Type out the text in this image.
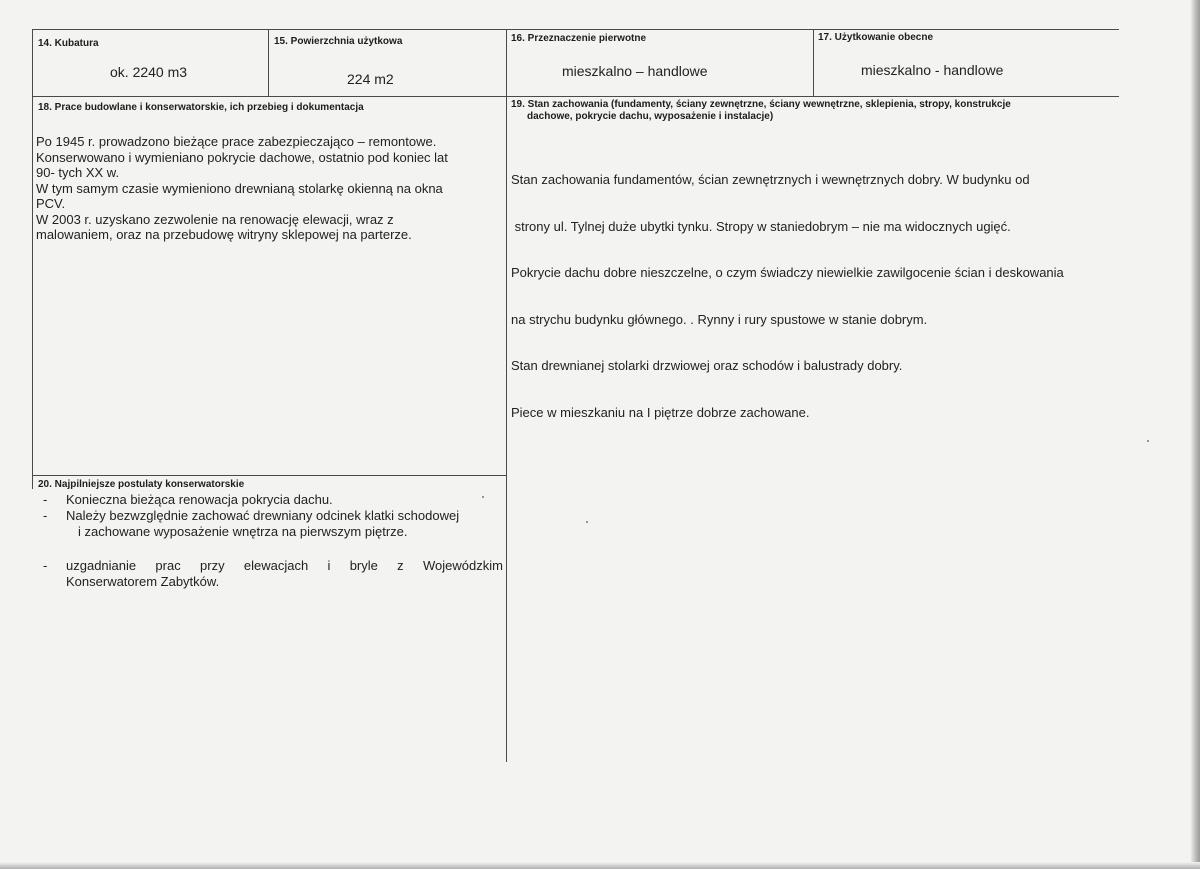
14. Kubatura
ok. 2240 m3
15. Powierzchnia użytkowa
224 m2
16. Przeznaczenie pierwotne
mieszkalno – handlowe
17. Użytkowanie obecne
mieszkalno - handlowe
18. Prace budowlane i konserwatorskie, ich przebieg i dokumentacja
Po 1945 r. prowadzono bieżące prace zabezpieczająco – remontowe.
Konserwowano i wymieniano pokrycie dachowe, ostatnio pod koniec lat
90- tych XX w.
W tym samym czasie wymieniono drewnianą stolarkę okienną na okna
PCV.
W 2003 r. uzyskano zezwolenie na renowację elewacji, wraz z
malowaniem, oraz na przebudowę witryny sklepowej na parterze.
19. Stan zachowania (fundamenty, ściany zewnętrzne, ściany wewnętrzne, sklepienia, stropy, konstrukcje
dachowe, pokrycie dachu, wyposażenie i instalacje)

Stan zachowania fundamentów, ścian zewnętrznych i wewnętrznych dobry. W budynku od

strony ul. Tylnej duże ubytki tynku. Stropy w staniedobrym – nie ma widocznych ugięć.

Pokrycie dachu dobre nieszczelne, o czym świadczy niewielkie zawilgocenie ścian i deskowania

na strychu budynku głównego. . Rynny i rury spustowe w stanie dobrym.

Stan drewnianej stolarki drzwiowej oraz schodów i balustrady dobry.

Piece w mieszkaniu na I piętrze dobrze zachowane.

20. Najpilniejsze postulaty konserwatorskie
-	Konieczna bieżąca renowacja pokrycia dachu.
-	Należy bezwzględnie zachować drewniany odcinek klatki schodowej
i zachowane wyposażenie wnętrza na pierwszym piętrze.
-	uzgadnianie prac przy elewacjach i bryle z Wojewódzkim
Konserwatorem Zabytków.
